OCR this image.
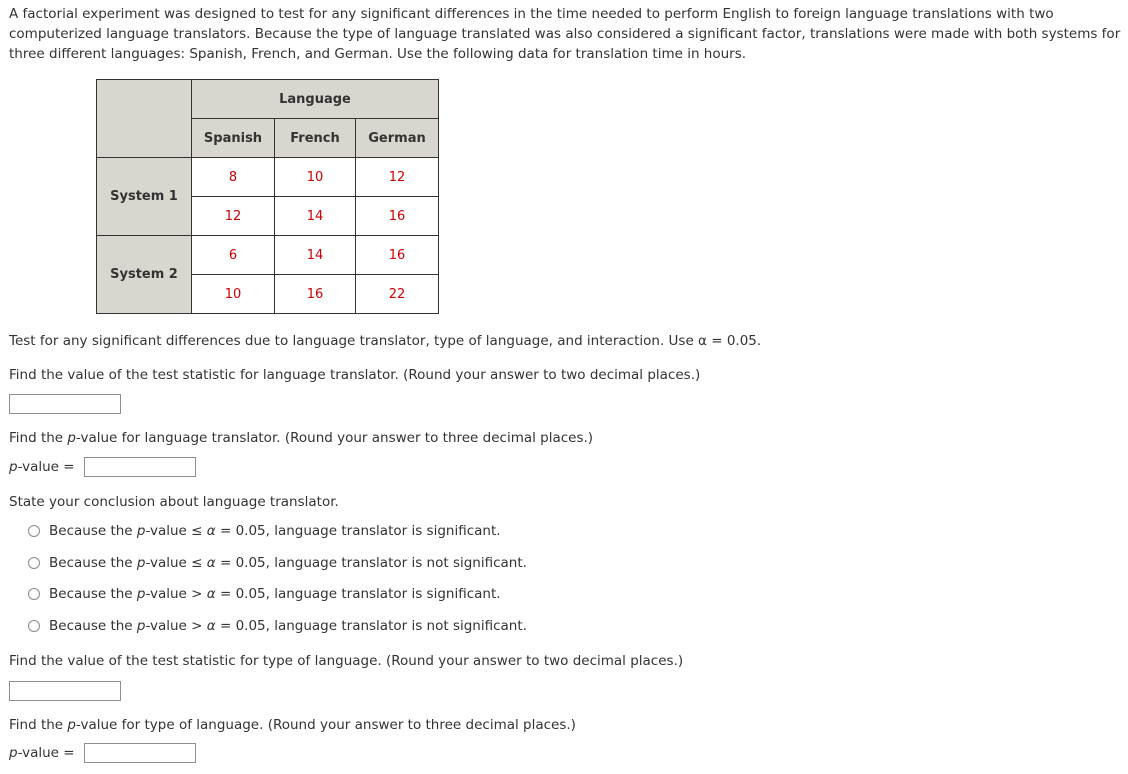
A factorial experiment was designed to test for any significant differences in the time needed to perform English to foreign language translations with two computerized language translators. Because the type of language translated was also considered a significant factor, translations were made with both systems for three different languages: Spanish, French, and German. Use the following data for translation time in hours.

	Language		
	Spanish	French	German
System 1	8	10	12
	12	14	16
System 2	6	14	16
	10	16	22

Test for any significant differences due to language translator, type of language, and interaction. Use α = 0.05.

Find the value of the test statistic for language translator. (Round your answer to two decimal places.)

Find the p-value for language translator. (Round your answer to three decimal places.)

p-value =

State your conclusion about language translator.

Because the p-value ≤ α = 0.05, language translator is significant.
Because the p-value ≤ α = 0.05, language translator is not significant.
Because the p-value > α = 0.05, language translator is significant.
Because the p-value > α = 0.05, language translator is not significant.

Find the value of the test statistic for type of language. (Round your answer to two decimal places.)

Find the p-value for type of language. (Round your answer to three decimal places.)

p-value =
